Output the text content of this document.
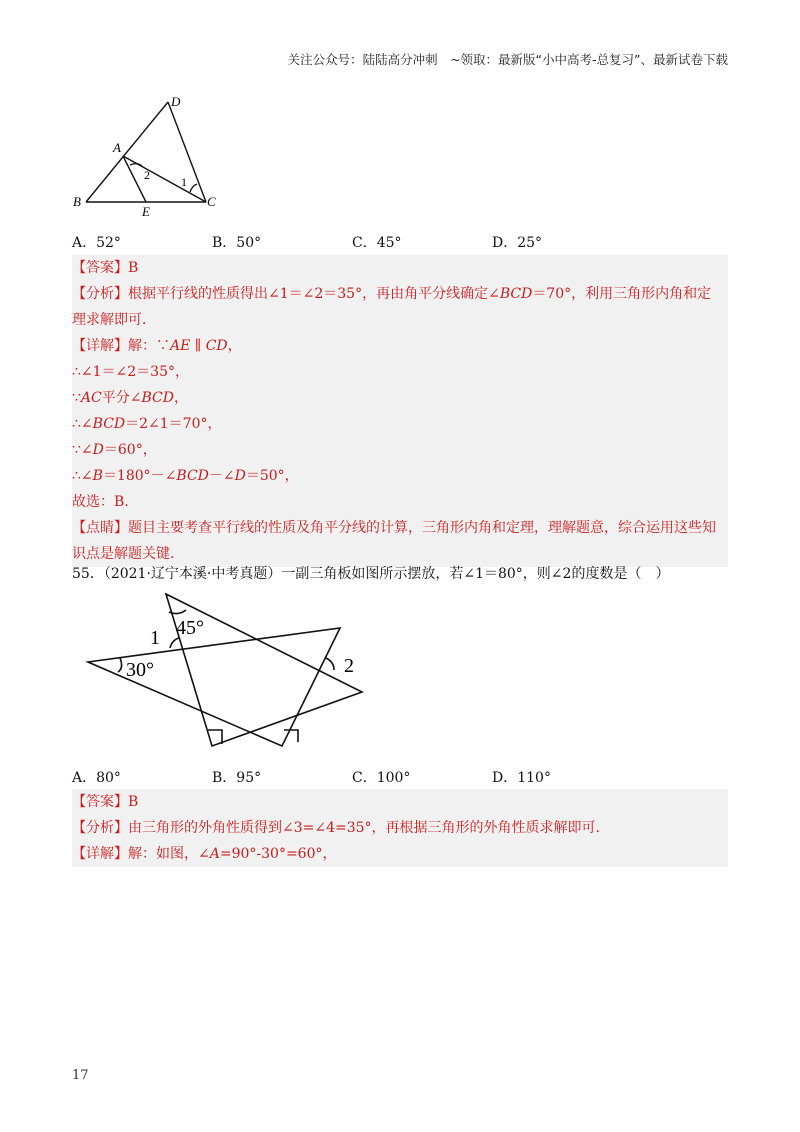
关注公众号：陆陆高分冲刺　~领取：最新版“小中高考-总复习”、最新试卷下载
D
A
B	C
E
2	1
A．52°	B．50°	C．45°	D．25°
【答案】B
【分析】根据平行线的性质得出∠1＝∠2＝35°，再由角平分线确定∠BCD＝70°，利用三角形内角和定
理求解即可.
【详解】解：∵AE ∥ CD，
∴∠1＝∠2＝35°，
∵AC平分∠BCD，
∴∠BCD＝2∠1＝70°，
∵∠D＝60°，
∴∠B＝180°－∠BCD－∠D＝50°，
故选：B.
【点睛】题目主要考查平行线的性质及角平分线的计算，三角形内角和定理，理解题意，综合运用这些知
识点是解题关键.
55．（2021·辽宁本溪·中考真题）一副三角板如图所示摆放，若∠1＝80°，则∠2的度数是（　）
45°
30°
1
2
A．80°	B．95°	C．100°	D．110°
【答案】B
【分析】由三角形的外角性质得到∠3=∠4=35°，再根据三角形的外角性质求解即可.
【详解】解：如图，∠A=90°-30°=60°，
17
